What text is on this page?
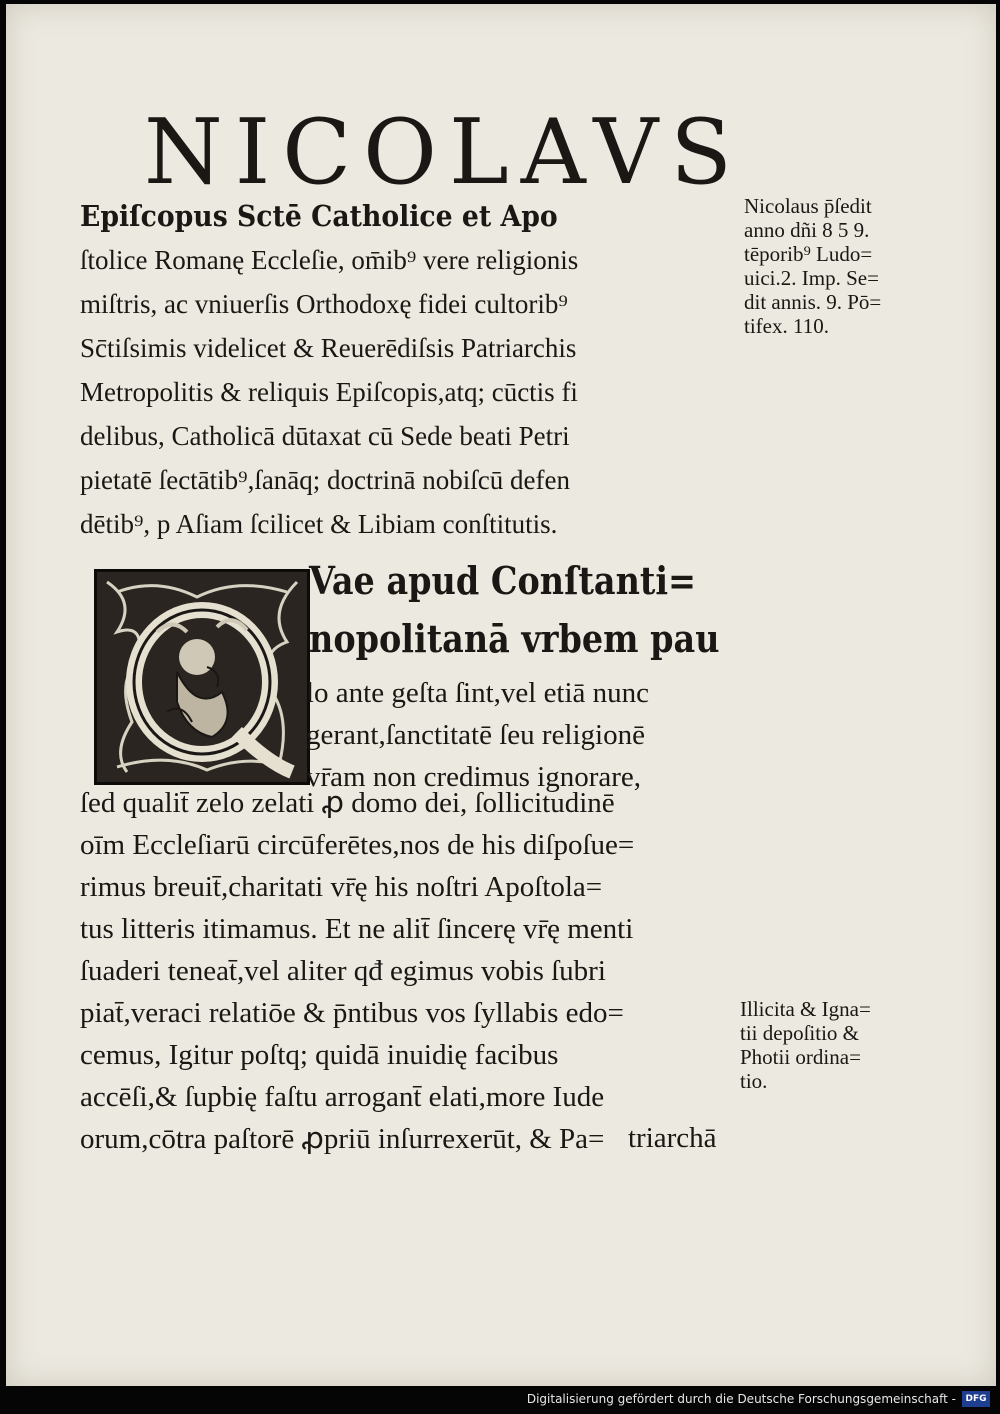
NICOLAVS
Epiſcopus Sctē Catholice et Apo
ſtolice Romanę Eccleſie, om̄ib⁹ vere religionis
miſtris, ac vniuerſis Orthodoxę fidei cultorib⁹
Sc̄tiſsimis videlicet & Reuerēdiſsis Patriarchis
Metropolitis & reliquis Epiſcopis,atq; cūctis fi
delibus, Catholicā dūtaxat cū Sede beati Petri
pietatē ſectātib⁹,ſanāq; doctrinā nobiſcū defen
dētib⁹, p Aſiam ſcilicet & Libiam conſtitutis.
Nicolaus p̄ſedit
anno dñi 8 5 9.
tēporib⁹ Ludo=
uici.2. Imp. Se=
dit annis. 9. Pō=
tifex. 110.
Vae apud Conſtanti=
nopolitanā vrbem pau
lo ante geſta ſint,vel etiā nunc
gerant,ſanctitatē ſeu religionē
vr̄am non credimus ignorare,
ſed qualit̄ zelo zelati ꝓ domo dei, ſollicitudinē
oīm Eccleſiarū circūferētes,nos de his diſpoſue=
rimus breuit̄,charitati vr̄ę his noſtri Apoſtola=
tus litteris itimamus. Et ne alit̄ ſincerę vr̄ę menti
ſuaderi teneat̄,vel aliter qđ egimus vobis ſubri
piat̄,veraci relatiōe & p̄ntibus vos ſyllabis edo=
cemus, Igitur poſtq; quidā inuidię facibus
accēſi,& ſupbię faſtu arrogant̄ elati,more Iude
orum,cōtra paſtorē ꝓpriū inſurrexerūt, & Pa= triarchā
Illicita & Igna=
tii depoſitio &
Photii ordina=
tio.
Digitalisierung gefördert durch die Deutsche Forschungsgemeinschaft -	DFG
